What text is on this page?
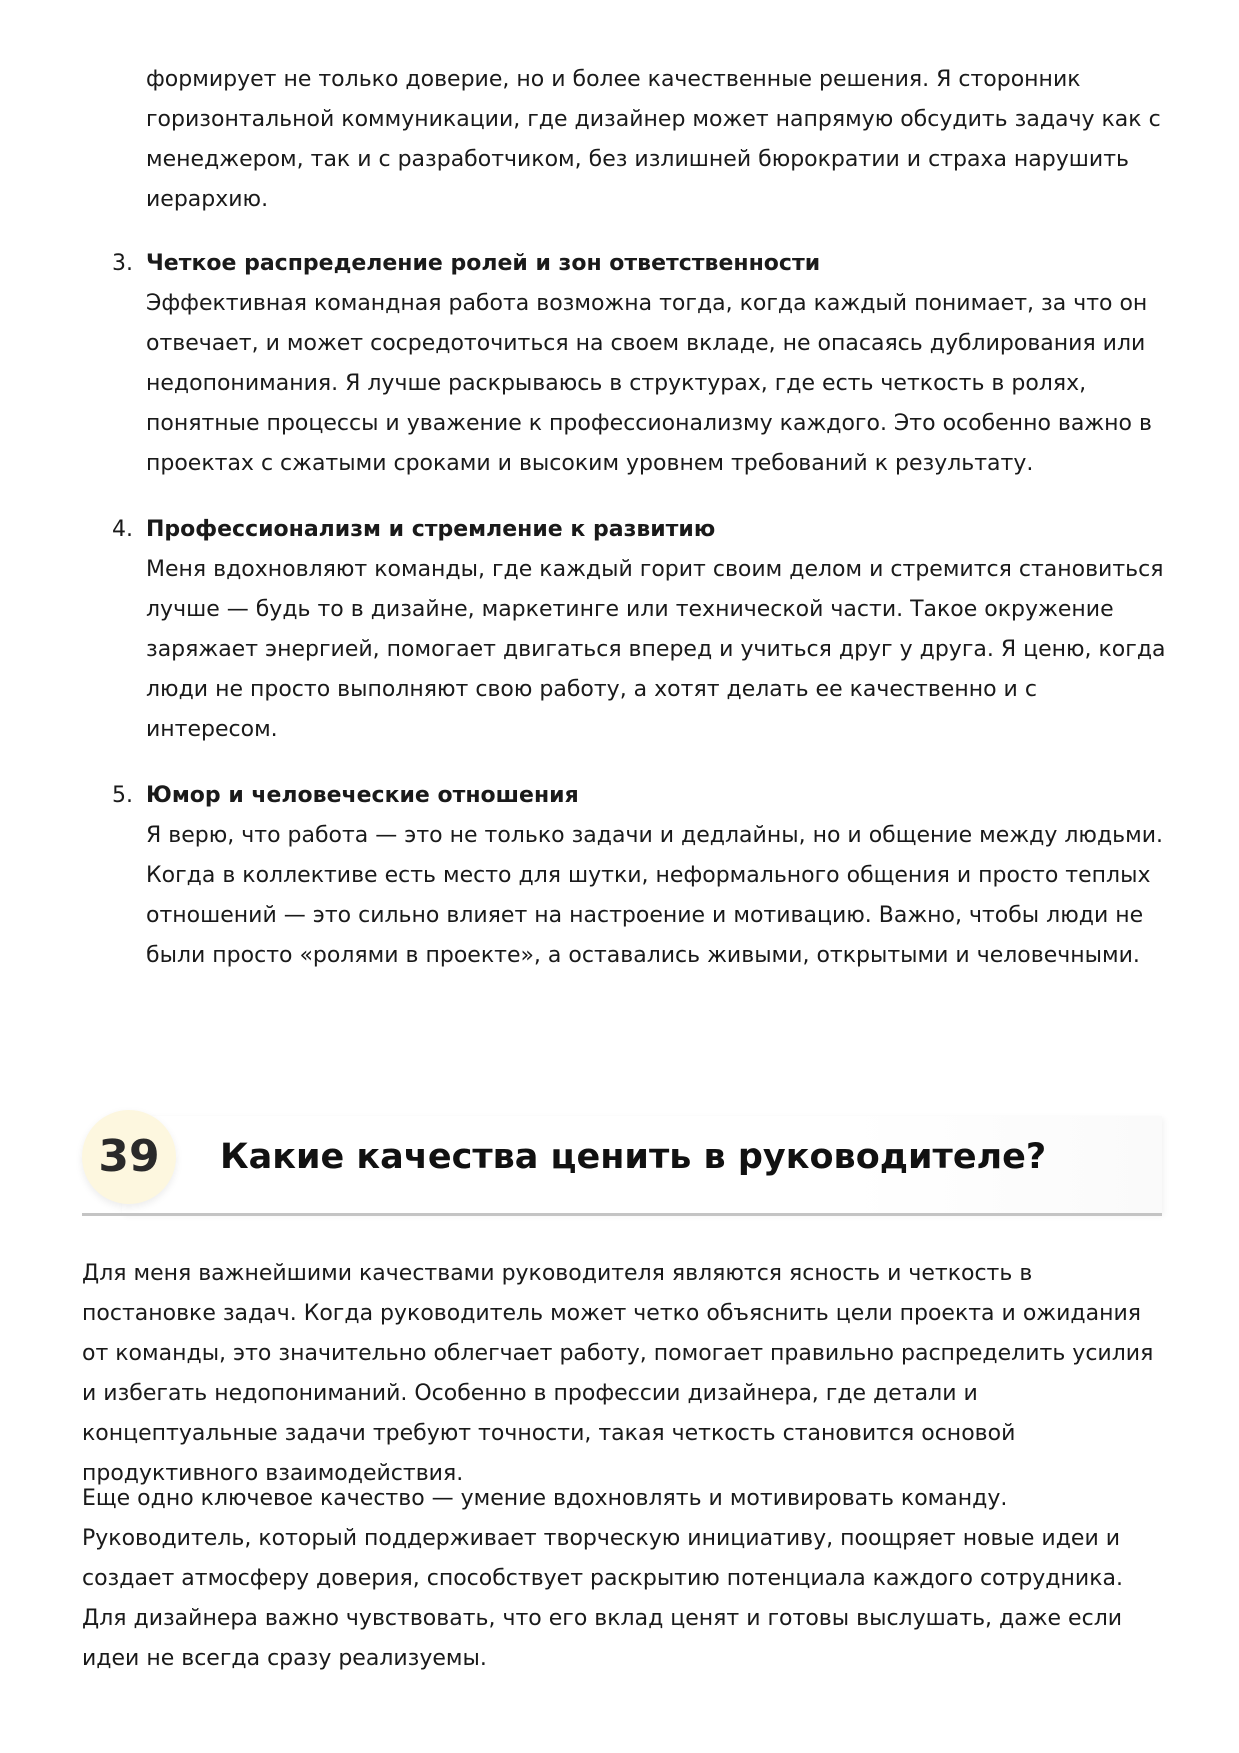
формирует не только доверие, но и более качественные решения. Я сторонник горизонтальной коммуникации, где дизайнер может напрямую обсудить задачу как с менеджером, так и с разработчиком, без излишней бюрократии и страха нарушить иерархию.

3. Четкое распределение ролей и зон ответственности
Эффективная командная работа возможна тогда, когда каждый понимает, за что он отвечает, и может сосредоточиться на своем вкладе, не опасаясь дублирования или недопонимания. Я лучше раскрываюсь в структурах, где есть четкость в ролях, понятные процессы и уважение к профессионализму каждого. Это особенно важно в проектах с сжатыми сроками и высоким уровнем требований к результату.
4. Профессионализм и стремление к развитию
Меня вдохновляют команды, где каждый горит своим делом и стремится становиться лучше — будь то в дизайне, маркетинге или технической части. Такое окружение заряжает энергией, помогает двигаться вперед и учиться друг у друга. Я ценю, когда люди не просто выполняют свою работу, а хотят делать ее качественно и с интересом.
5. Юмор и человеческие отношения
Я верю, что работа — это не только задачи и дедлайны, но и общение между людьми. Когда в коллективе есть место для шутки, неформального общения и просто теплых отношений — это сильно влияет на настроение и мотивацию. Важно, чтобы люди не были просто «ролями в проекте», а оставались живыми, открытыми и человечными.
39	Какие качества ценить в руководителе?

Для меня важнейшими качествами руководителя являются ясность и четкость в постановке задач. Когда руководитель может четко объяснить цели проекта и ожидания от команды, это значительно облегчает работу, помогает правильно распределить усилия и избегать недопониманий. Особенно в профессии дизайнера, где детали и концептуальные задачи требуют точности, такая четкость становится основой продуктивного взаимодействия.

Еще одно ключевое качество — умение вдохновлять и мотивировать команду. Руководитель, который поддерживает творческую инициативу, поощряет новые идеи и создает атмосферу доверия, способствует раскрытию потенциала каждого сотрудника. Для дизайнера важно чувствовать, что его вклад ценят и готовы выслушать, даже если идеи не всегда сразу реализуемы.
